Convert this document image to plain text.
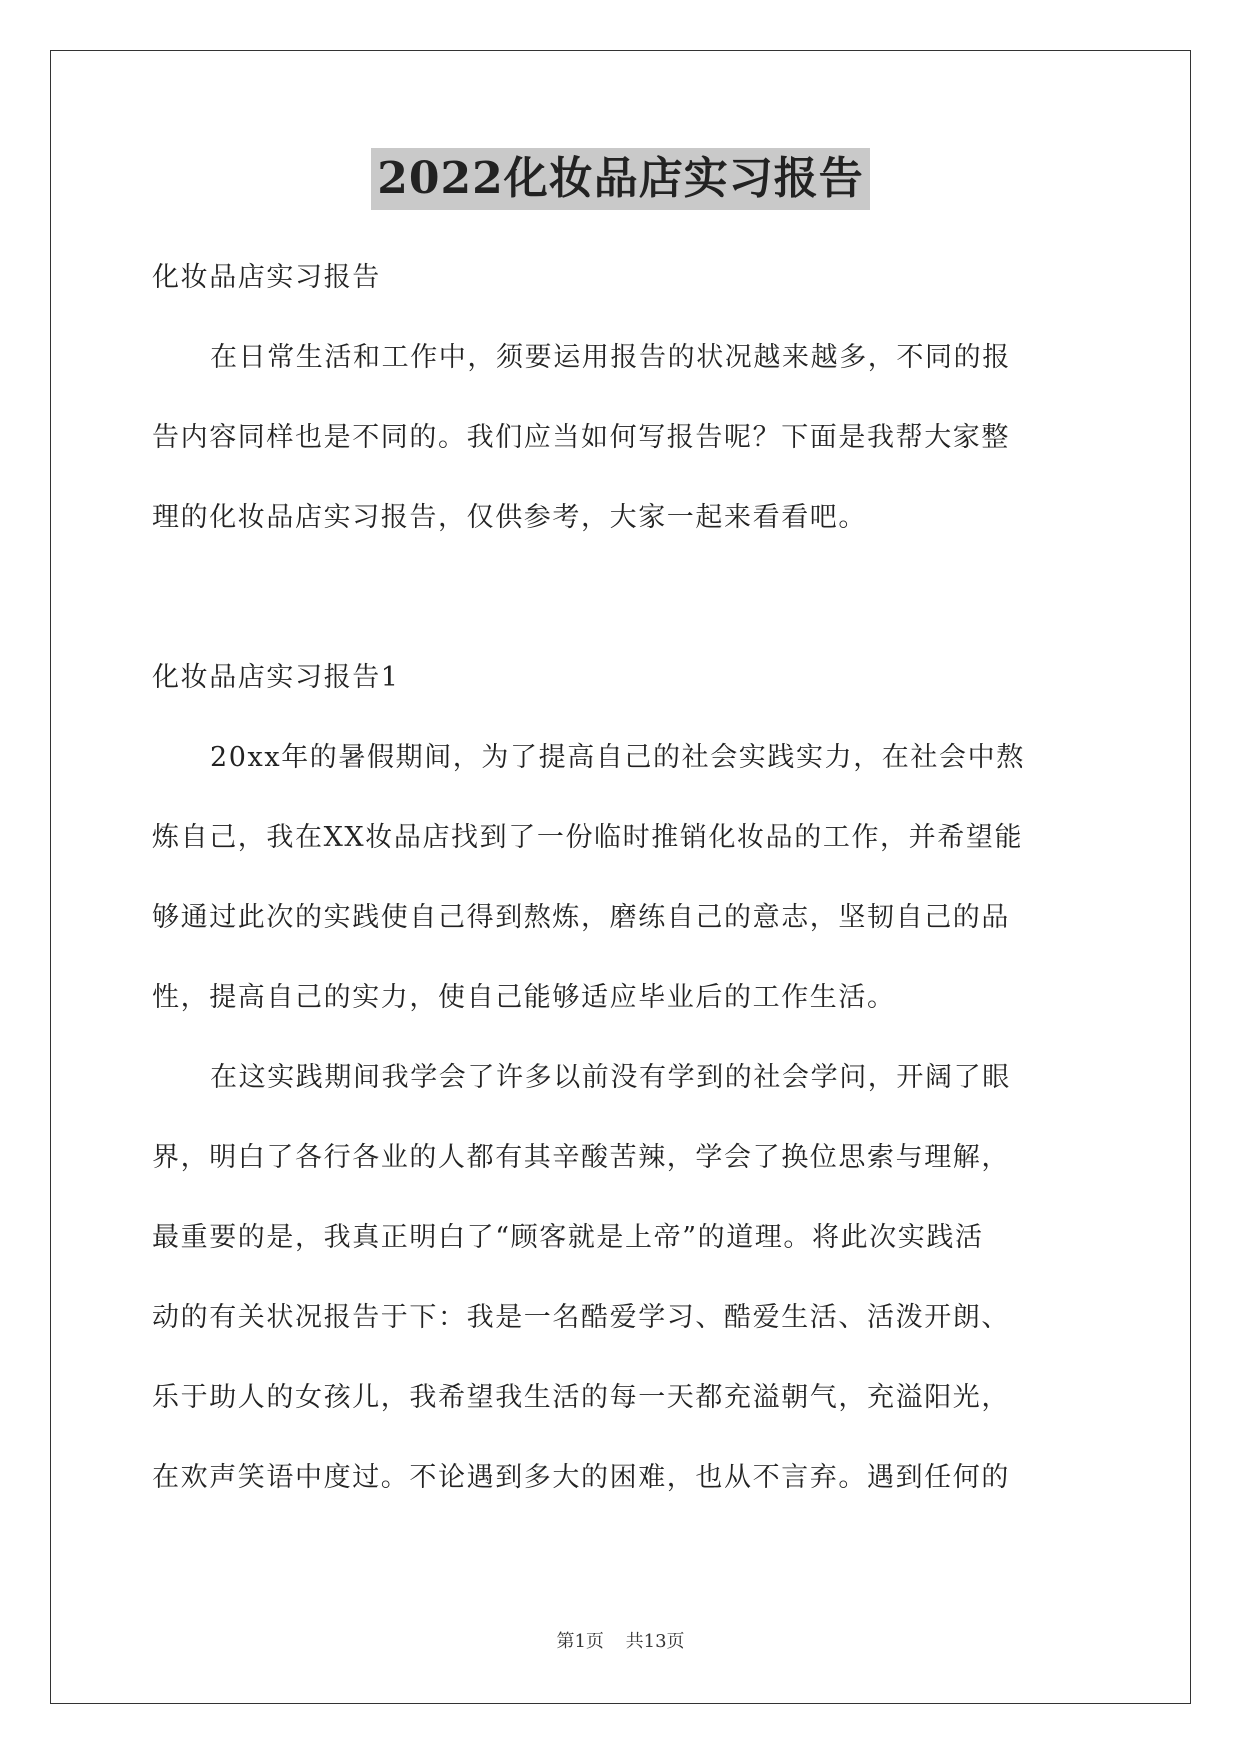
2022化妆品店实习报告
化妆品店实习报告
在日常生活和工作中，须要运用报告的状况越来越多，不同的报
告内容同样也是不同的。我们应当如何写报告呢？下面是我帮大家整
理的化妆品店实习报告，仅供参考，大家一起来看看吧。
化妆品店实习报告1
20xx年的暑假期间，为了提高自己的社会实践实力，在社会中熬
炼自己，我在XX妆品店找到了一份临时推销化妆品的工作，并希望能
够通过此次的实践使自己得到熬炼，磨练自己的意志，坚韧自己的品
性，提高自己的实力，使自己能够适应毕业后的工作生活。
在这实践期间我学会了许多以前没有学到的社会学问，开阔了眼
界，明白了各行各业的人都有其辛酸苦辣，学会了换位思索与理解，
最重要的是，我真正明白了“顾客就是上帝”的道理。将此次实践活
动的有关状况报告于下：我是一名酷爱学习、酷爱生活、活泼开朗、
乐于助人的女孩儿，我希望我生活的每一天都充溢朝气，充溢阳光，
在欢声笑语中度过。不论遇到多大的困难，也从不言弃。遇到任何的
第1页 共13页
